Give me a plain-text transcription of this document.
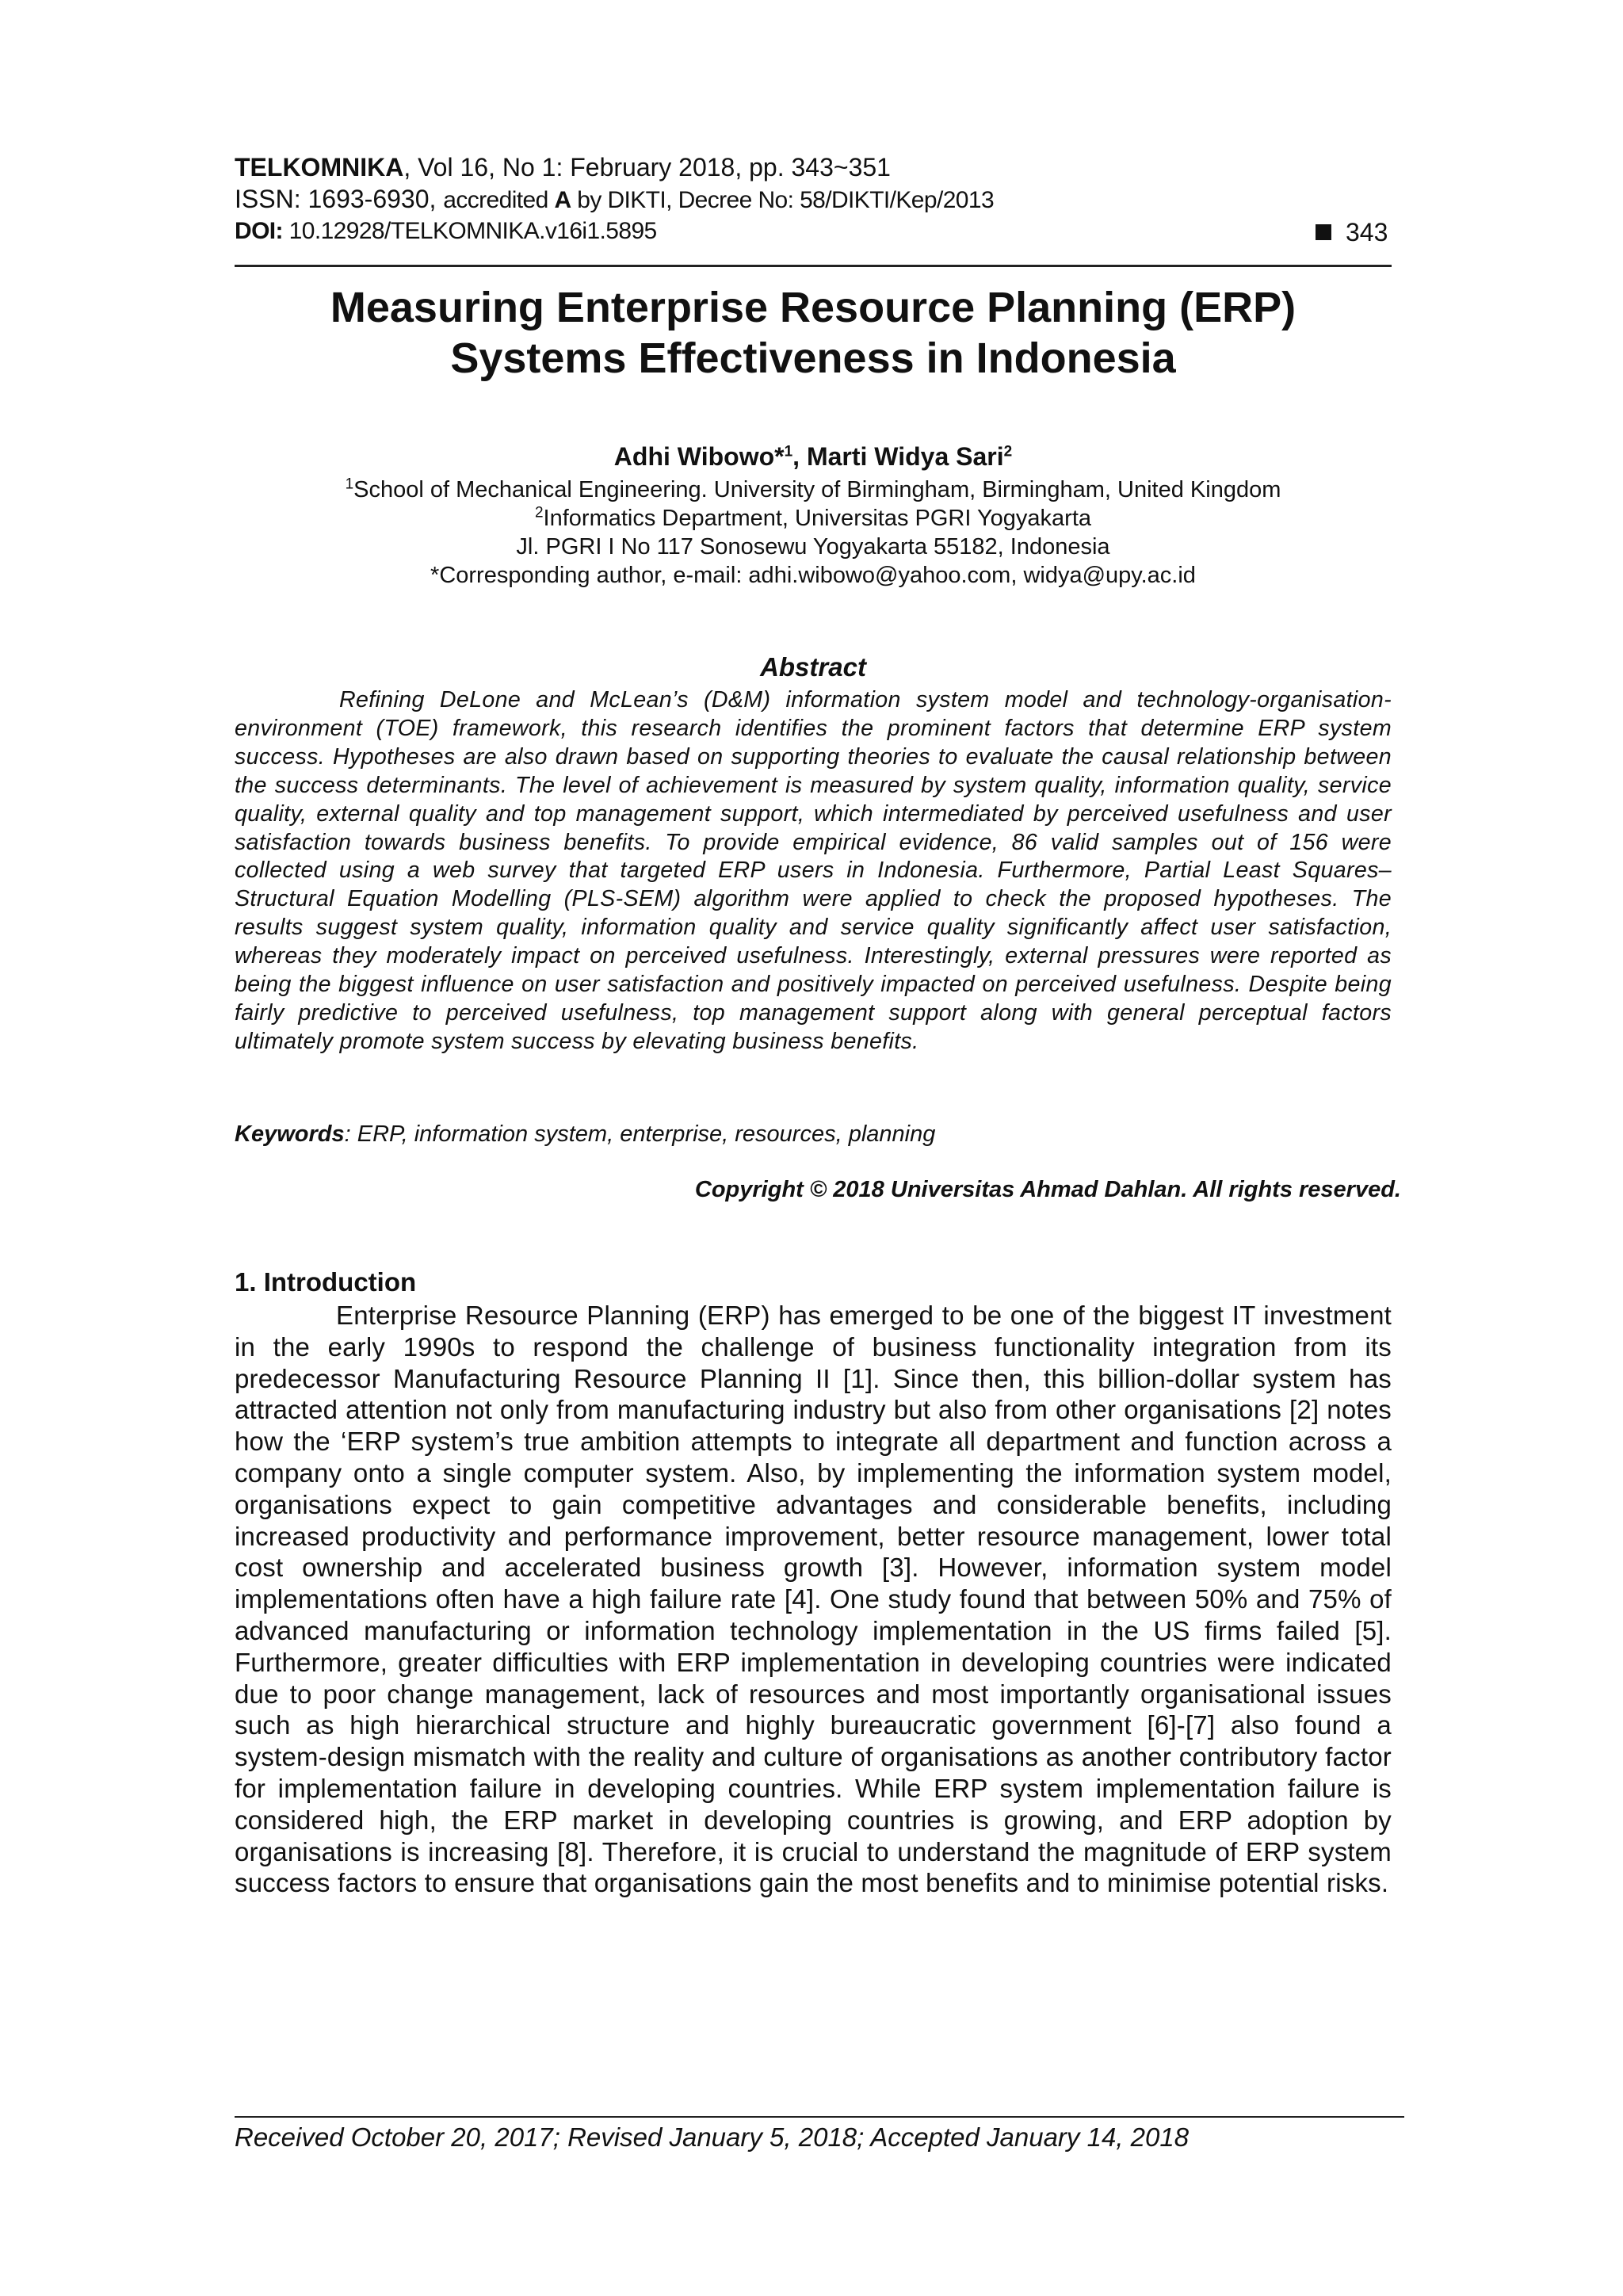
TELKOMNIKA, Vol 16, No 1: February 2018, pp. 343~351
ISSN: 1693-6930, accredited A by DIKTI, Decree No: 58/DIKTI/Kep/2013
DOI: 10.12928/TELKOMNIKA.v16i1.5895	343
Measuring Enterprise Resource Planning (ERP)
Systems Effectiveness in Indonesia
Adhi Wibowo*$^1$, Marti Widya Sari$^2$
$^1$School of Mechanical Engineering. University of Birmingham, Birmingham, United Kingdom
$^2$Informatics Department, Universitas PGRI Yogyakarta
Jl. PGRI I No 117 Sonosewu Yogyakarta 55182, Indonesia
*Corresponding author, e-mail: adhi.wibowo@yahoo.com, widya@upy.ac.id
Abstract
Refining DeLone and McLean’s (D&M) information system model and technology-organisation-environment (TOE) framework, this research identifies the prominent factors that determine ERP system success. Hypotheses are also drawn based on supporting theories to evaluate the causal relationship between the success determinants. The level of achievement is measured by system quality, information quality, service quality, external quality and top management support, which intermediated by perceived usefulness and user satisfaction towards business benefits. To provide empirical evidence, 86 valid samples out of 156 were collected using a web survey that targeted ERP users in Indonesia. Furthermore, Partial Least Squares–Structural Equation Modelling (PLS-SEM) algorithm were applied to check the proposed hypotheses. The results suggest system quality, information quality and service quality significantly affect user satisfaction, whereas they moderately impact on perceived usefulness. Interestingly, external pressures were reported as being the biggest influence on user satisfaction and positively impacted on perceived usefulness. Despite being fairly predictive to perceived usefulness, top management support along with general perceptual factors ultimately promote system success by elevating business benefits.
Keywords: ERP, information system, enterprise, resources, planning
Copyright © 2018 Universitas Ahmad Dahlan. All rights reserved.
1. Introduction
Enterprise Resource Planning (ERP) has emerged to be one of the biggest IT investment in the early 1990s to respond the challenge of business functionality integration from its predecessor Manufacturing Resource Planning II [1]. Since then, this billion-dollar system has attracted attention not only from manufacturing industry but also from other organisations [2] notes how the ‘ERP system’s true ambition attempts to integrate all department and function across a company onto a single computer system. Also, by implementing the information system model, organisations expect to gain competitive advantages and considerable benefits, including increased productivity and performance improvement, better resource management, lower total cost ownership and accelerated business growth [3]. However, information system model implementations often have a high failure rate [4]. One study found that between 50% and 75% of advanced manufacturing or information technology implementation in the US firms failed [5]. Furthermore, greater difficulties with ERP implementation in developing countries were indicated due to poor change management, lack of resources and most importantly organisational issues such as high hierarchical structure and highly bureaucratic government [6]-[7] also found a system-design mismatch with the reality and culture of organisations as another contributory factor for implementation failure in developing countries. While ERP system implementation failure is considered high, the ERP market in developing countries is growing, and ERP adoption by organisations is increasing [8]. Therefore, it is crucial to understand the magnitude of ERP system success factors to ensure that organisations gain the most benefits and to minimise potential risks.
Received October 20, 2017; Revised January 5, 2018; Accepted January 14, 2018
